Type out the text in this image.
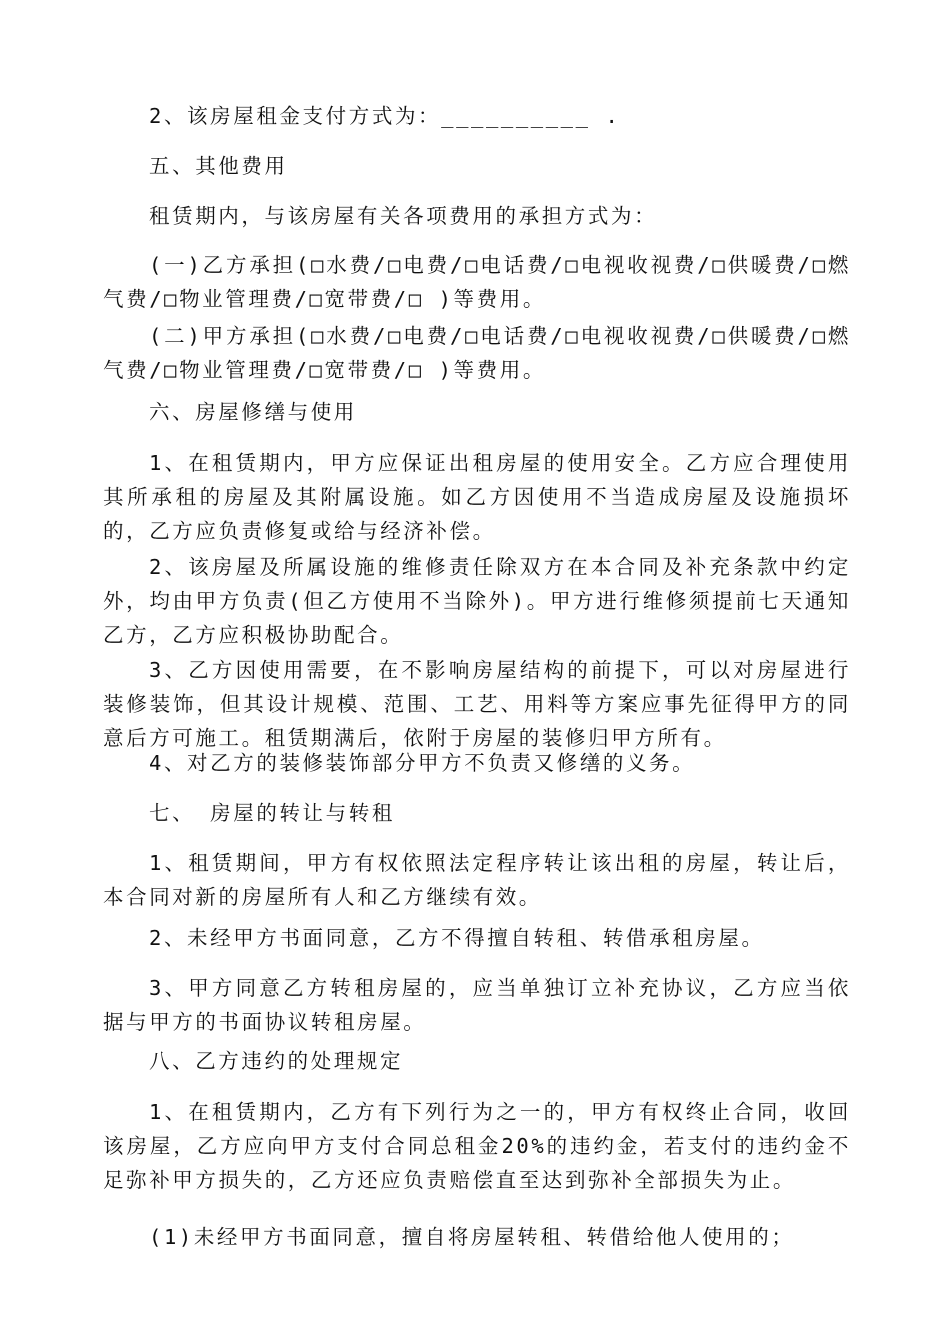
2、该房屋租金支付方式为：__________ .

五、其他费用

租赁期内，与该房屋有关各项费用的承担方式为：

(一)乙方承担(□水费/□电费/□电话费/□电视收视费/□供暖费/□燃气费/□物业管理费/□宽带费/□ )等费用。

(二)甲方承担(□水费/□电费/□电话费/□电视收视费/□供暖费/□燃气费/□物业管理费/□宽带费/□ )等费用。

六、房屋修缮与使用

1、在租赁期内，甲方应保证出租房屋的使用安全。乙方应合理使用其所承租的房屋及其附属设施。如乙方因使用不当造成房屋及设施损坏的，乙方应负责修复或给与经济补偿。

2、该房屋及所属设施的维修责任除双方在本合同及补充条款中约定外，均由甲方负责(但乙方使用不当除外)。甲方进行维修须提前七天通知乙方，乙方应积极协助配合。

3、乙方因使用需要，在不影响房屋结构的前提下，可以对房屋进行装修装饰，但其设计规模、范围、工艺、用料等方案应事先征得甲方的同意后方可施工。租赁期满后，依附于房屋的装修归甲方所有。

4、对乙方的装修装饰部分甲方不负责又修缮的义务。

七、 房屋的转让与转租

1、租赁期间，甲方有权依照法定程序转让该出租的房屋，转让后，本合同对新的房屋所有人和乙方继续有效。

2、未经甲方书面同意，乙方不得擅自转租、转借承租房屋。

3、甲方同意乙方转租房屋的，应当单独订立补充协议，乙方应当依据与甲方的书面协议转租房屋。

八、乙方违约的处理规定

1、在租赁期内，乙方有下列行为之一的，甲方有权终止合同，收回该房屋，乙方应向甲方支付合同总租金20%的违约金，若支付的违约金不足弥补甲方损失的，乙方还应负责赔偿直至达到弥补全部损失为止。

(1)未经甲方书面同意，擅自将房屋转租、转借给他人使用的；
